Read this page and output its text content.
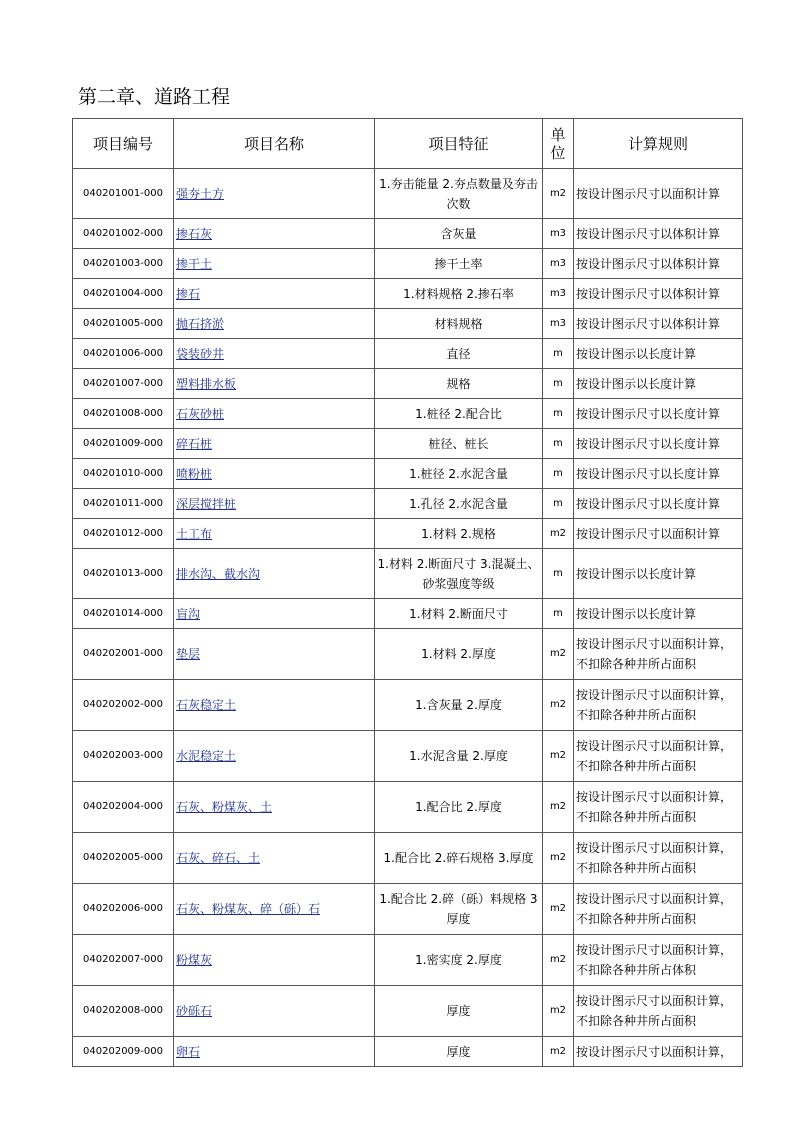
第二章、道路工程
项目编号	项目名称	项目特征	单位	计算规则
040201001-000	强夯土方	1.夯击能量 2.夯点数量及夯击次数	m2	按设计图示尺寸以面积计算
040201002-000	掺石灰	含灰量	m3	按设计图示尺寸以体积计算
040201003-000	掺干土	掺干土率	m3	按设计图示尺寸以体积计算
040201004-000	掺石	1.材料规格 2.掺石率	m3	按设计图示尺寸以体积计算
040201005-000	抛石挤淤	材料规格	m3	按设计图示尺寸以体积计算
040201006-000	袋装砂井	直径	m	按设计图示以长度计算
040201007-000	塑料排水板	规格	m	按设计图示以长度计算
040201008-000	石灰砂桩	1.桩径 2.配合比	m	按设计图示尺寸以长度计算
040201009-000	碎石桩	桩径、桩长	m	按设计图示尺寸以长度计算
040201010-000	喷粉桩	1.桩径 2.水泥含量	m	按设计图示尺寸以长度计算
040201011-000	深层搅拌桩	1.孔径 2.水泥含量	m	按设计图示尺寸以长度计算
040201012-000	土工布	1.材料 2.规格	m2	按设计图示尺寸以面积计算
040201013-000	排水沟、截水沟	1.材料 2.断面尺寸 3.混凝土、砂浆强度等级	m	按设计图示以长度计算
040201014-000	盲沟	1.材料 2.断面尺寸	m	按设计图示以长度计算
040202001-000	垫层	1.材料 2.厚度	m2	按设计图示尺寸以面积计算，不扣除各种井所占面积
040202002-000	石灰稳定土	1.含灰量 2.厚度	m2	按设计图示尺寸以面积计算，不扣除各种井所占面积
040202003-000	水泥稳定土	1.水泥含量 2.厚度	m2	按设计图示尺寸以面积计算，不扣除各种井所占面积
040202004-000	石灰、粉煤灰、土	1.配合比 2.厚度	m2	按设计图示尺寸以面积计算，不扣除各种井所占面积
040202005-000	石灰、碎石、土	1.配合比 2.碎石规格 3.厚度	m2	按设计图示尺寸以面积计算，不扣除各种井所占面积
040202006-000	石灰、粉煤灰、碎（砾）石	1.配合比 2.碎（砾）料规格 3厚度	m2	按设计图示尺寸以面积计算，不扣除各种井所占面积
040202007-000	粉煤灰	1.密实度 2.厚度	m2	按设计图示尺寸以面积计算，不扣除各种井所占体积
040202008-000	砂砾石	厚度	m2	按设计图示尺寸以面积计算，不扣除各种井所占面积
040202009-000	卵石	厚度	m2	按设计图示尺寸以面积计算，
